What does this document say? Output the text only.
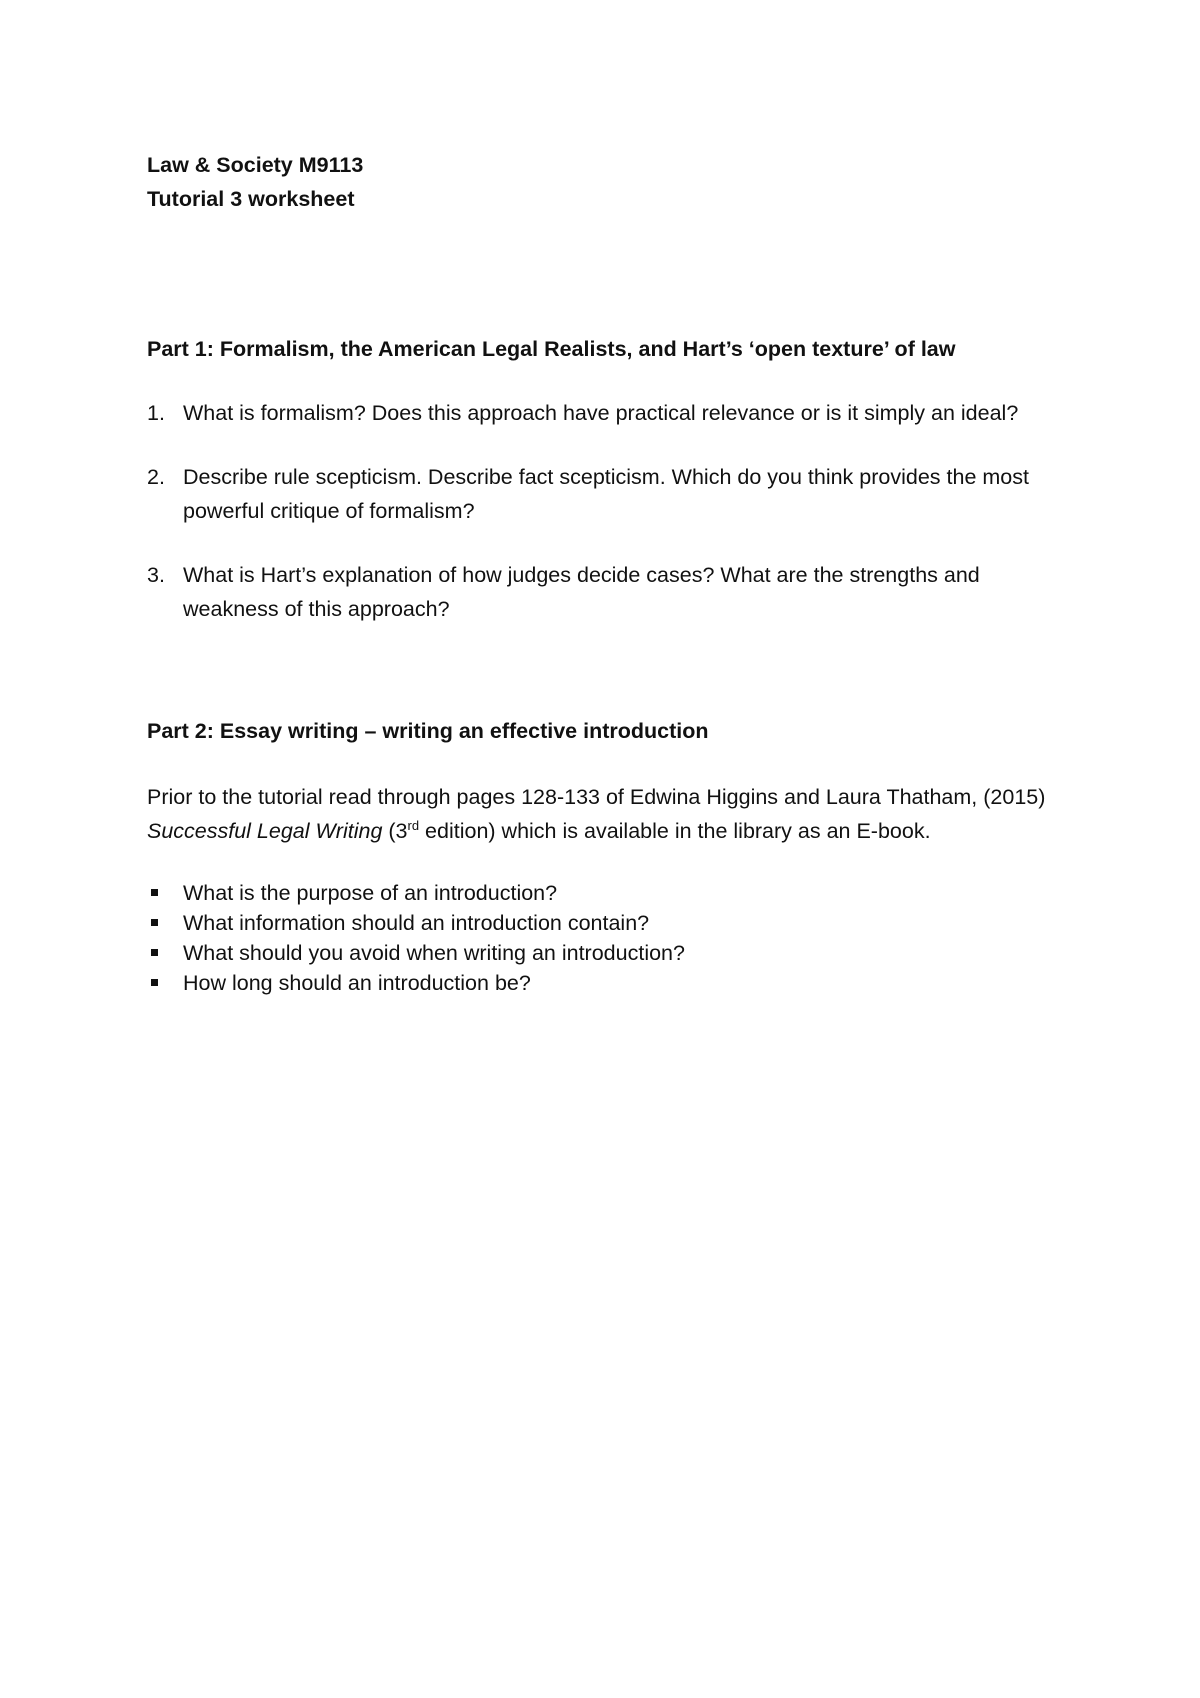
Law & Society M9113

Tutorial 3 worksheet

Part 1: Formalism, the American Legal Realists, and Hart’s ‘open texture’ of law

1. What is formalism? Does this approach have practical relevance or is it simply an ideal?
2. Describe rule scepticism. Describe fact scepticism. Which do you think provides the most powerful critique of formalism?
3. What is Hart’s explanation of how judges decide cases? What are the strengths and weakness of this approach?

Part 2: Essay writing – writing an effective introduction

Prior to the tutorial read through pages 128-133 of Edwina Higgins and Laura Thatham, (2015) Successful Legal Writing (3rd edition) which is available in the library as an E-book.

What is the purpose of an introduction?
What information should an introduction contain?
What should you avoid when writing an introduction?
How long should an introduction be?
